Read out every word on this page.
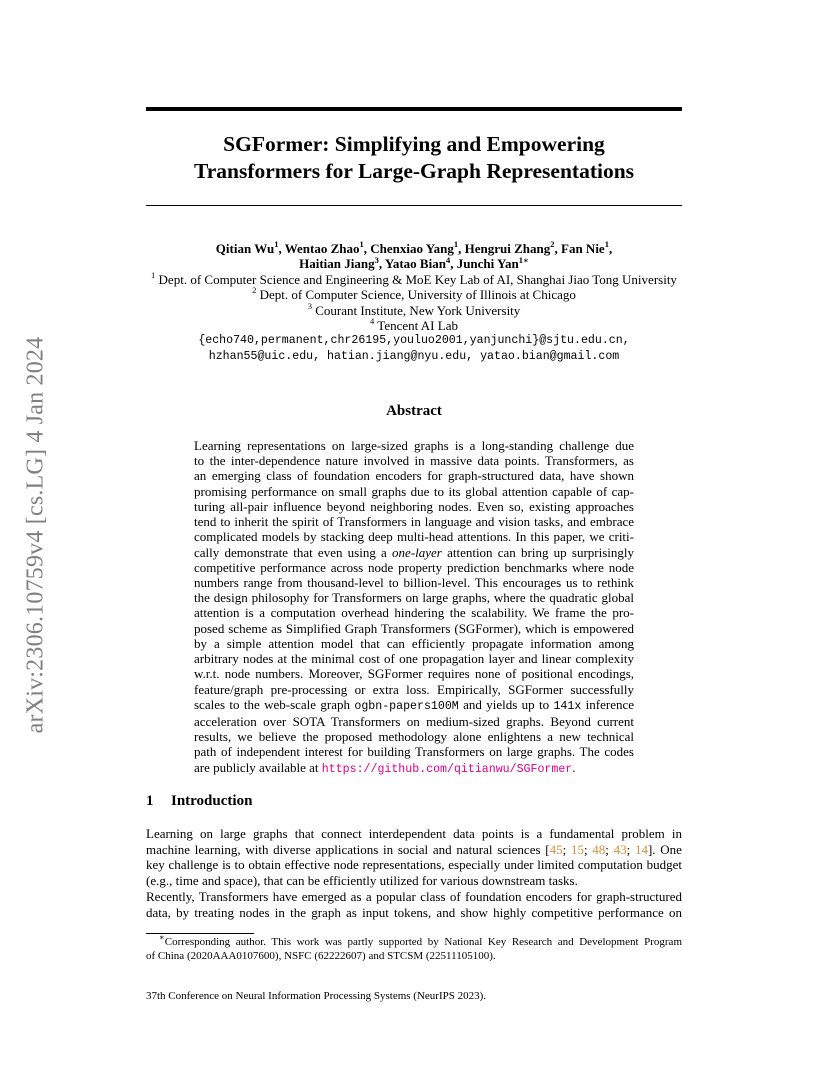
arXiv:2306.10759v4 [cs.LG] 4 Jan 2024
SGFormer: Simplifying and Empowering
Transformers for Large-Graph Representations
Qitian Wu$^1$, Wentao Zhao$^1$, Chenxiao Yang$^1$, Hengrui Zhang$^2$, Fan Nie$^1$,
Haitian Jiang$^3$, Yatao Bian$^4$, Junchi Yan$^{1∗}$
$^1$ Dept. of Computer Science and Engineering & MoE Key Lab of AI, Shanghai Jiao Tong University
$^2$ Dept. of Computer Science, University of Illinois at Chicago
$^3$ Courant Institute, New York University
$^4$ Tencent AI Lab
{echo740,permanent,chr26195,youluo2001,yanjunchi}@sjtu.edu.cn,
hzhan55@uic.edu, hatian.jiang@nyu.edu, yatao.bian@gmail.com
Abstract
Learning representations on large-sized graphs is a long-standing challenge due
to the inter-dependence nature involved in massive data points. Transformers, as
an emerging class of foundation encoders for graph-structured data, have shown
promising performance on small graphs due to its global attention capable of cap-
turing all-pair influence beyond neighboring nodes. Even so, existing approaches
tend to inherit the spirit of Transformers in language and vision tasks, and embrace
complicated models by stacking deep multi-head attentions. In this paper, we criti-
cally demonstrate that even using a one-layer attention can bring up surprisingly
competitive performance across node property prediction benchmarks where node
numbers range from thousand-level to billion-level. This encourages us to rethink
the design philosophy for Transformers on large graphs, where the quadratic global
attention is a computation overhead hindering the scalability. We frame the pro-
posed scheme as Simplified Graph Transformers (SGFormer), which is empowered
by a simple attention model that can efficiently propagate information among
arbitrary nodes at the minimal cost of one propagation layer and linear complexity
w.r.t. node numbers. Moreover, SGFormer requires none of positional encodings,
feature/graph pre-processing or extra loss. Empirically, SGFormer successfully
scales to the web-scale graph ogbn-papers100M and yields up to 141x inference
acceleration over SOTA Transformers on medium-sized graphs. Beyond current
results, we believe the proposed methodology alone enlightens a new technical
path of independent interest for building Transformers on large graphs. The codes
are publicly available at https://github.com/qitianwu/SGFormer.
1 Introduction
Learning on large graphs that connect interdependent data points is a fundamental problem in
machine learning, with diverse applications in social and natural sciences [45; 15; 48; 43; 14]. One
key challenge is to obtain effective node representations, especially under limited computation budget
(e.g., time and space), that can be efficiently utilized for various downstream tasks.
Recently, Transformers have emerged as a popular class of foundation encoders for graph-structured
data, by treating nodes in the graph as input tokens, and show highly competitive performance on
∗Corresponding author. This work was partly supported by National Key Research and Development Program
of China (2020AAA0107600), NSFC (62222607) and STCSM (22511105100).
37th Conference on Neural Information Processing Systems (NeurIPS 2023).
